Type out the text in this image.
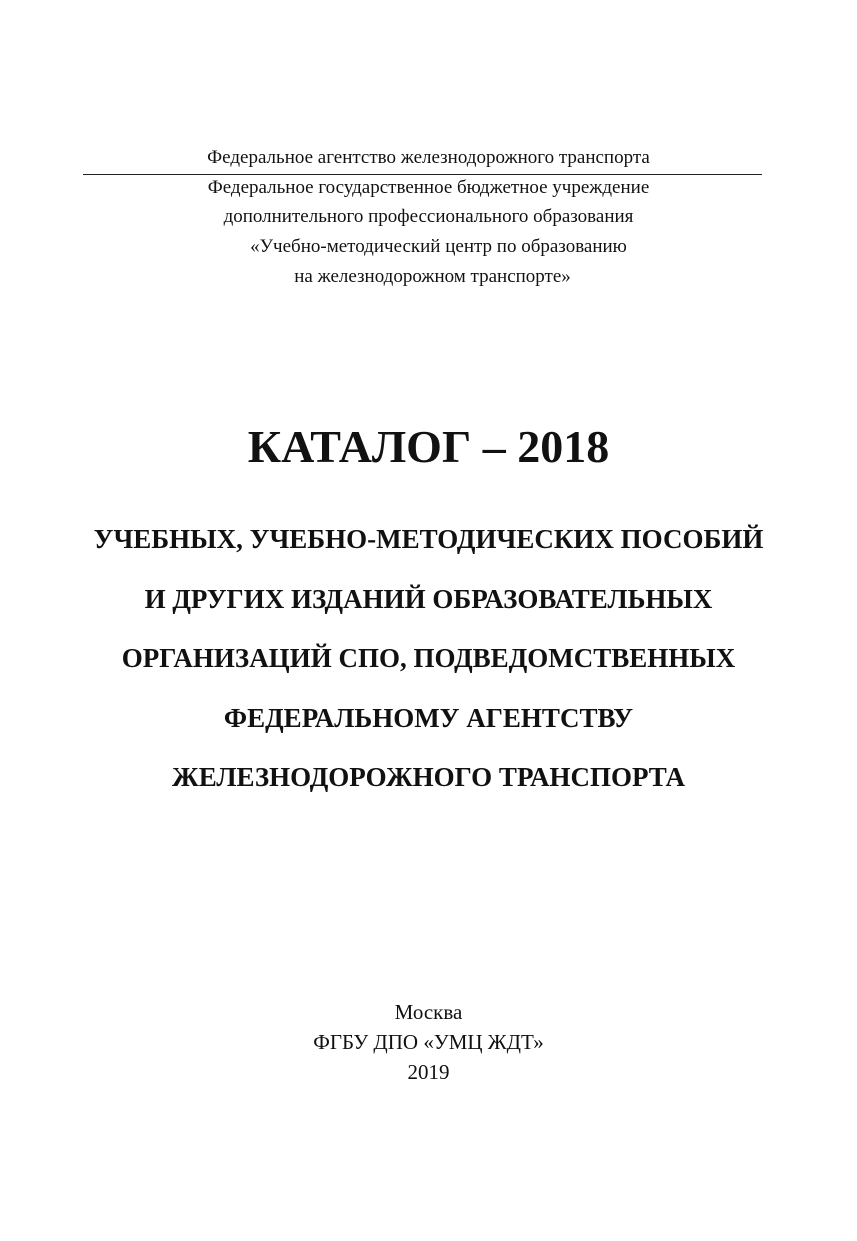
Федеральное агентство железнодорожного транспорта
Федеральное государственное бюджетное учреждение
дополнительного профессионального образования
«Учебно-методический центр по образованию
на железнодорожном транспорте»
КАТАЛОГ – 2018
УЧЕБНЫХ, УЧЕБНО-МЕТОДИЧЕСКИХ ПОСОБИЙ
И ДРУГИХ ИЗДАНИЙ ОБРАЗОВАТЕЛЬНЫХ
ОРГАНИЗАЦИЙ СПО, ПОДВЕДОМСТВЕННЫХ
ФЕДЕРАЛЬНОМУ АГЕНТСТВУ
ЖЕЛЕЗНОДОРОЖНОГО ТРАНСПОРТА
Москва
ФГБУ ДПО «УМЦ ЖДТ»
2019
